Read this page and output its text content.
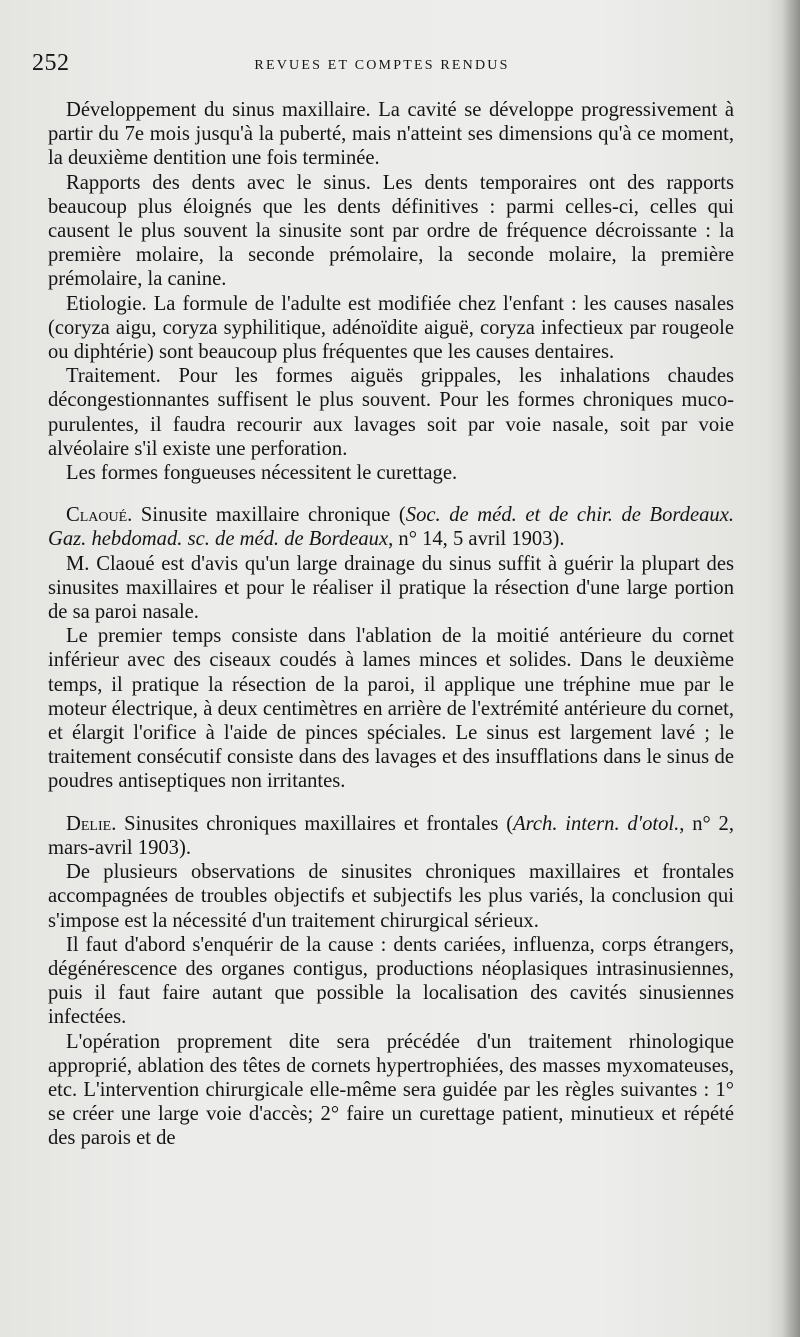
252	REVUES ET COMPTES RENDUS

Développement du sinus maxillaire. La cavité se développe progressivement à partir du 7e mois jusqu'à la puberté, mais n'atteint ses dimensions qu'à ce moment, la deuxième dentition une fois terminée.

Rapports des dents avec le sinus. Les dents temporaires ont des rapports beaucoup plus éloignés que les dents définitives : parmi celles-ci, celles qui causent le plus souvent la sinusite sont par ordre de fréquence décroissante : la première molaire, la seconde prémolaire, la seconde molaire, la première prémolaire, la canine.

Etiologie. La formule de l'adulte est modifiée chez l'enfant : les causes nasales (coryza aigu, coryza syphilitique, adénoïdite aiguë, coryza infectieux par rougeole ou diphtérie) sont beaucoup plus fréquentes que les causes dentaires.

Traitement. Pour les formes aiguës grippales, les inhalations chaudes décongestionnantes suffisent le plus souvent. Pour les formes chroniques muco-purulentes, il faudra recourir aux lavages soit par voie nasale, soit par voie alvéolaire s'il existe une perforation.

Les formes fongueuses nécessitent le curettage.

Claoué. Sinusite maxillaire chronique (Soc. de méd. et de chir. de Bordeaux. Gaz. hebdomad. sc. de méd. de Bordeaux, n° 14, 5 avril 1903).

M. Claoué est d'avis qu'un large drainage du sinus suffit à guérir la plupart des sinusites maxillaires et pour le réaliser il pratique la résection d'une large portion de sa paroi nasale.

Le premier temps consiste dans l'ablation de la moitié antérieure du cornet inférieur avec des ciseaux coudés à lames minces et solides. Dans le deuxième temps, il pratique la résection de la paroi, il applique une tréphine mue par le moteur électrique, à deux centimètres en arrière de l'extrémité antérieure du cornet, et élargit l'orifice à l'aide de pinces spéciales. Le sinus est largement lavé ; le traitement consécutif consiste dans des lavages et des insufflations dans le sinus de poudres antiseptiques non irritantes.

Delie. Sinusites chroniques maxillaires et frontales (Arch. intern. d'otol., n° 2, mars-avril 1903).

De plusieurs observations de sinusites chroniques maxillaires et frontales accompagnées de troubles objectifs et subjectifs les plus variés, la conclusion qui s'impose est la nécessité d'un traitement chirurgical sérieux.

Il faut d'abord s'enquérir de la cause : dents cariées, influenza, corps étrangers, dégénérescence des organes contigus, productions néoplasiques intrasinusiennes, puis il faut faire autant que possible la localisation des cavités sinusiennes infectées.

L'opération proprement dite sera précédée d'un traitement rhinologique approprié, ablation des têtes de cornets hypertrophiées, des masses myxomateuses, etc. L'intervention chirurgicale elle-même sera guidée par les règles suivantes : 1° se créer une large voie d'accès; 2° faire un curettage patient, minutieux et répété des parois et de
